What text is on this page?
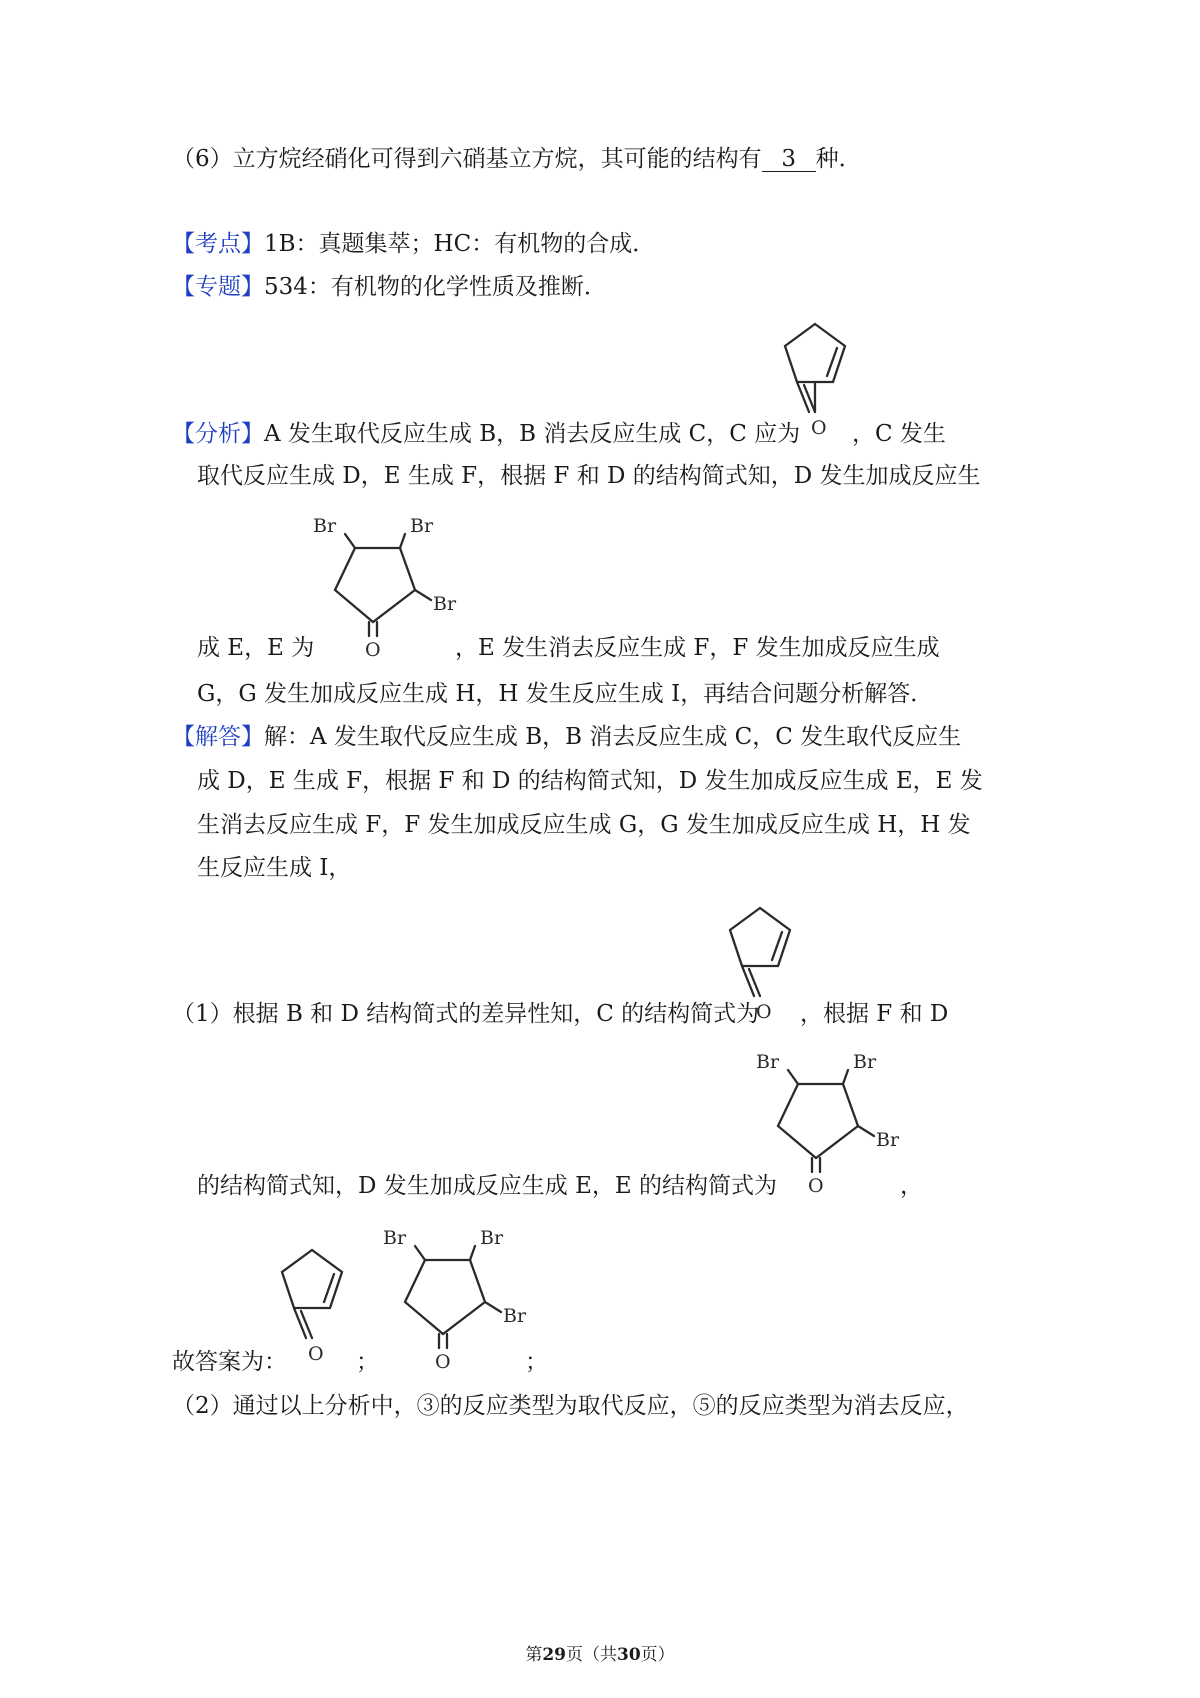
（6）立方烷经硝化可得到六硝基立方烷，其可能的结构有 3 种．
【考点】1B：真题集萃；HC：有机物的合成．
【专题】534：有机物的化学性质及推断．
【分析】A 发生取代反应生成 B，B 消去反应生成 C，C 应为 ，C 发生
O
取代反应生成 D，E 生成 F，根据 F 和 D 的结构简式知，D 发生加成反应生
Br	Br
Br
O
成 E，E 为	，E 发生消去反应生成 F，F 发生加成反应生成
G，G 发生加成反应生成 H，H 发生反应生成 I，再结合问题分析解答．
【解答】解：A 发生取代反应生成 B，B 消去反应生成 C，C 发生取代反应生
成 D，E 生成 F，根据 F 和 D 的结构简式知，D 发生加成反应生成 E，E 发
生消去反应生成 F，F 发生加成反应生成 G，G 发生加成反应生成 H，H 发
生反应生成 I，
O
（1）根据 B 和 D 结构简式的差异性知，C 的结构简式为 ，根据 F 和 D
Br	Br
Br
O
的结构简式知，D 发生加成反应生成 E，E 的结构简式为	，
O
Br	Br
Br
O
故答案为：	；	；
（2）通过以上分析中，③的反应类型为取代反应，⑤的反应类型为消去反应，
第29页（共30页）
